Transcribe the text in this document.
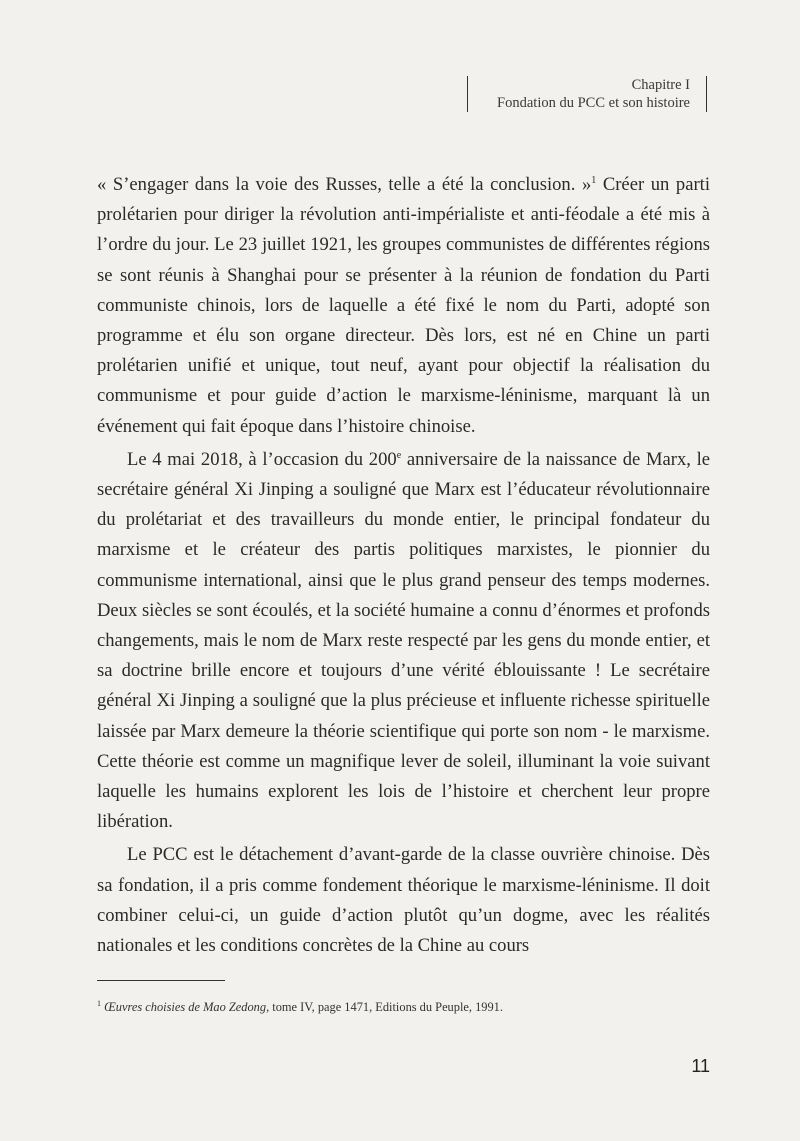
Chapitre I
Fondation du PCC et son histoire

« S’engager dans la voie des Russes, telle a été la conclusion. »$^1$ Créer un parti prolétarien pour diriger la révolution anti-impérialiste et anti-féodale a été mis à l’ordre du jour. Le 23 juillet 1921, les groupes communistes de différentes régions se sont réunis à Shanghai pour se présenter à la réunion de fondation du Parti communiste chinois, lors de laquelle a été fixé le nom du Parti, adopté son programme et élu son organe directeur. Dès lors, est né en Chine un parti prolétarien unifié et unique, tout neuf, ayant pour objectif la réalisation du communisme et pour guide d’action le marxisme-léninisme, marquant là un événement qui fait époque dans l’histoire chinoise.

Le 4 mai 2018, à l’occasion du 200e anniversaire de la naissance de Marx, le secrétaire général Xi Jinping a souligné que Marx est l’éducateur révolutionnaire du prolétariat et des travailleurs du monde entier, le principal fondateur du marxisme et le créateur des partis politiques marxistes, le pionnier du communisme international, ainsi que le plus grand penseur des temps modernes. Deux siècles se sont écoulés, et la société humaine a connu d’énormes et profonds changements, mais le nom de Marx reste respecté par les gens du monde entier, et sa doctrine brille encore et toujours d’une vérité éblouissante ! Le secrétaire général Xi Jinping a souligné que la plus précieuse et influente richesse spirituelle laissée par Marx demeure la théorie scientifique qui porte son nom - le marxisme. Cette théorie est comme un magnifique lever de soleil, illuminant la voie suivant laquelle les humains explorent les lois de l’histoire et cherchent leur propre libération.

Le PCC est le détachement d’avant-garde de la classe ouvrière chinoise. Dès sa fondation, il a pris comme fondement théorique le marxisme-léninisme. Il doit combiner celui-ci, un guide d’action plutôt qu’un dogme, avec les réalités nationales et les conditions concrètes de la Chine au cours

$^1$ Œuvres choisies de Mao Zedong, tome IV, page 1471, Editions du Peuple, 1991.
11
